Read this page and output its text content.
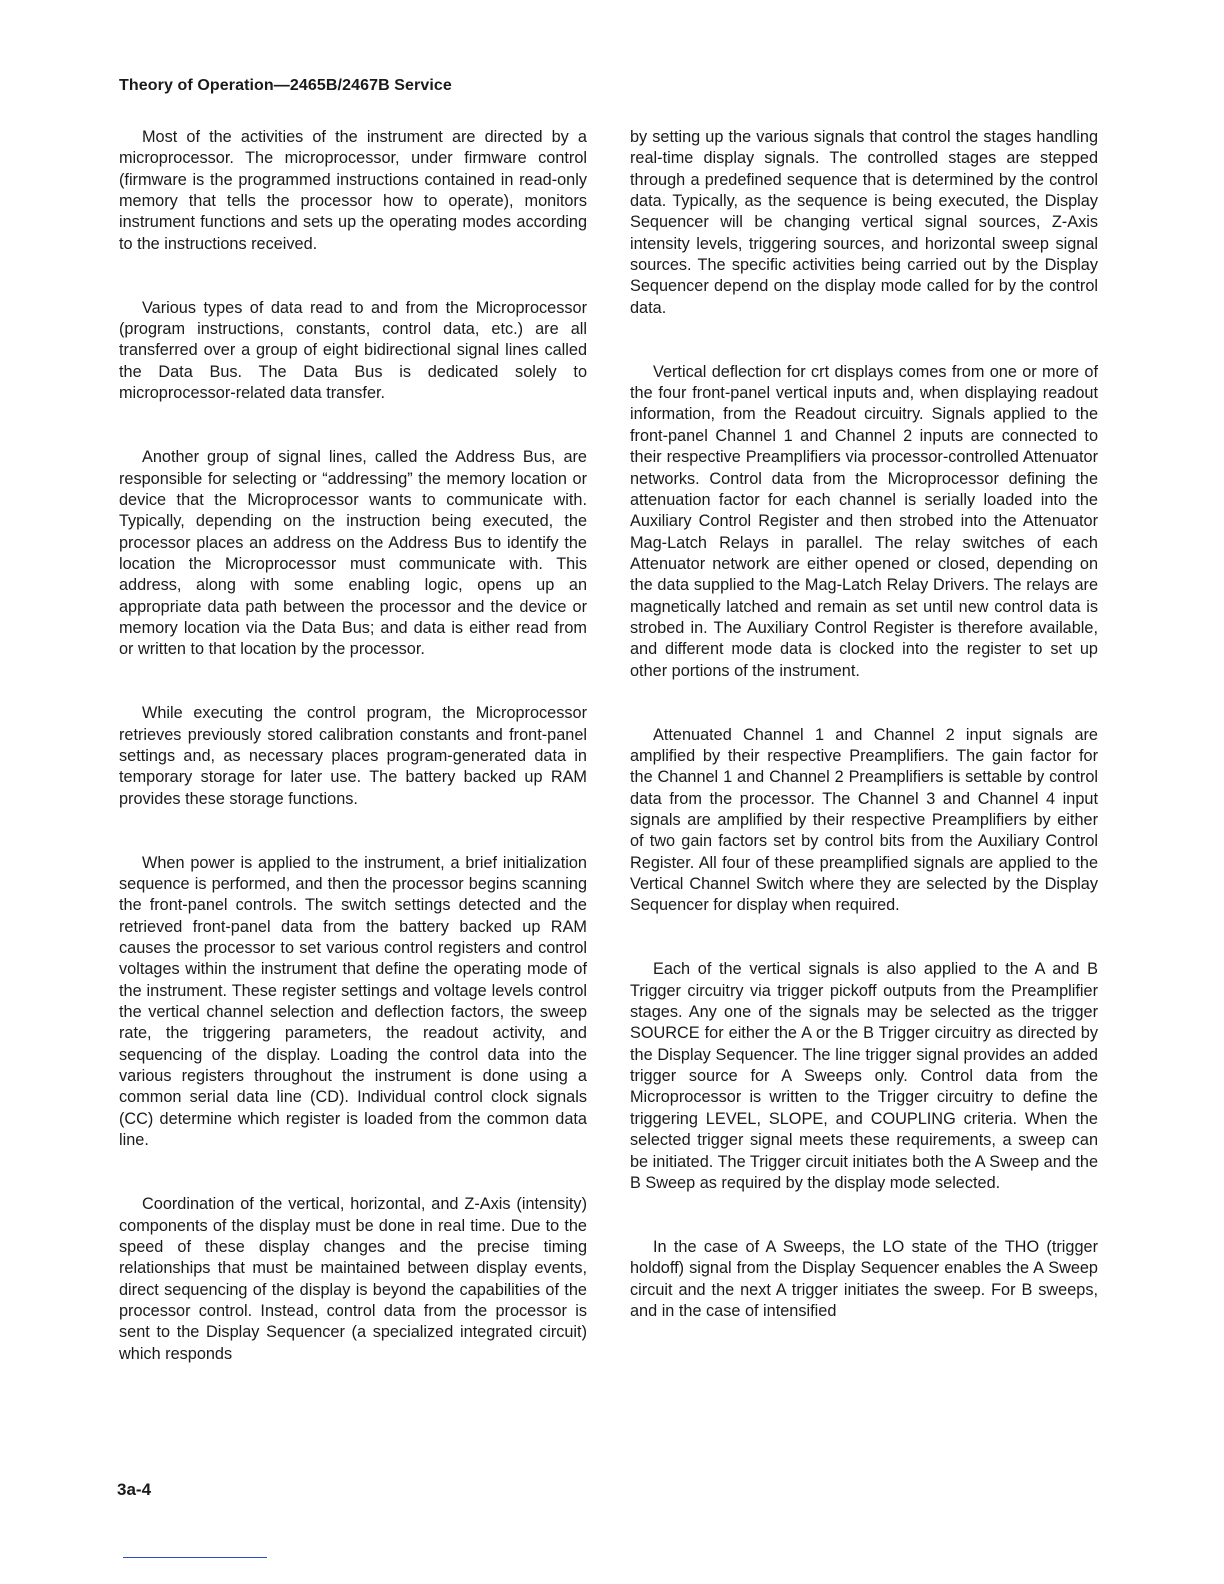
Theory of Operation—2465B/2467B Service

Most of the activities of the instrument are directed by a microprocessor. The microprocessor, under firmware control (firmware is the programmed instructions contained in read-only memory that tells the processor how to operate), monitors instrument functions and sets up the operating modes according to the instructions received.

Various types of data read to and from the Microprocessor (program instructions, constants, control data, etc.) are all transferred over a group of eight bidirectional signal lines called the Data Bus. The Data Bus is dedicated solely to microprocessor-related data transfer.

Another group of signal lines, called the Address Bus, are responsible for selecting or “addressing” the memory location or device that the Microprocessor wants to communicate with. Typically, depending on the instruction being executed, the processor places an address on the Address Bus to identify the location the Microprocessor must communicate with. This address, along with some enabling logic, opens up an appropriate data path between the processor and the device or memory location via the Data Bus; and data is either read from or written to that location by the processor.

While executing the control program, the Microprocessor retrieves previously stored calibration constants and front-panel settings and, as necessary places program-generated data in temporary storage for later use. The battery backed up RAM provides these storage functions.

When power is applied to the instrument, a brief initialization sequence is performed, and then the processor begins scanning the front-panel controls. The switch settings detected and the retrieved front-panel data from the battery backed up RAM causes the processor to set various control registers and control voltages within the instrument that define the operating mode of the instrument. These register settings and voltage levels control the vertical channel selection and deflection factors, the sweep rate, the triggering parameters, the readout activity, and sequencing of the display. Loading the control data into the various registers throughout the instrument is done using a common serial data line (CD). Individual control clock signals (CC) determine which register is loaded from the common data line.

Coordination of the vertical, horizontal, and Z-Axis (intensity) components of the display must be done in real time. Due to the speed of these display changes and the precise timing relationships that must be maintained between display events, direct sequencing of the display is beyond the capabilities of the processor control. Instead, control data from the processor is sent to the Display Sequencer (a specialized integrated circuit) which responds

by setting up the various signals that control the stages handling real-time display signals. The controlled stages are stepped through a predefined sequence that is determined by the control data. Typically, as the sequence is being executed, the Display Sequencer will be changing vertical signal sources, Z-Axis intensity levels, triggering sources, and horizontal sweep signal sources. The specific activities being carried out by the Display Sequencer depend on the display mode called for by the control data.

Vertical deflection for crt displays comes from one or more of the four front-panel vertical inputs and, when displaying readout information, from the Readout circuitry. Signals applied to the front-panel Channel 1 and Channel 2 inputs are connected to their respective Preamplifiers via processor-controlled Attenuator networks. Control data from the Microprocessor defining the attenuation factor for each channel is serially loaded into the Auxiliary Control Register and then strobed into the Attenuator Mag-Latch Relays in parallel. The relay switches of each Attenuator network are either opened or closed, depending on the data supplied to the Mag-Latch Relay Drivers. The relays are magnetically latched and remain as set until new control data is strobed in. The Auxiliary Control Register is therefore available, and different mode data is clocked into the register to set up other portions of the instrument.

Attenuated Channel 1 and Channel 2 input signals are amplified by their respective Preamplifiers. The gain factor for the Channel 1 and Channel 2 Preamplifiers is settable by control data from the processor. The Channel 3 and Channel 4 input signals are amplified by their respective Preamplifiers by either of two gain factors set by control bits from the Auxiliary Control Register. All four of these preamplified signals are applied to the Vertical Channel Switch where they are selected by the Display Sequencer for display when required.

Each of the vertical signals is also applied to the A and B Trigger circuitry via trigger pickoff outputs from the Preamplifier stages. Any one of the signals may be selected as the trigger SOURCE for either the A or the B Trigger circuitry as directed by the Display Sequencer. The line trigger signal provides an added trigger source for A Sweeps only. Control data from the Microprocessor is written to the Trigger circuitry to define the triggering LEVEL, SLOPE, and COUPLING criteria. When the selected trigger signal meets these requirements, a sweep can be initiated. The Trigger circuit initiates both the A Sweep and the B Sweep as required by the display mode selected.

In the case of A Sweeps, the LO state of the THO (trigger holdoff) signal from the Display Sequencer enables the A Sweep circuit and the next A trigger initiates the sweep. For B sweeps, and in the case of intensified

3a-4
